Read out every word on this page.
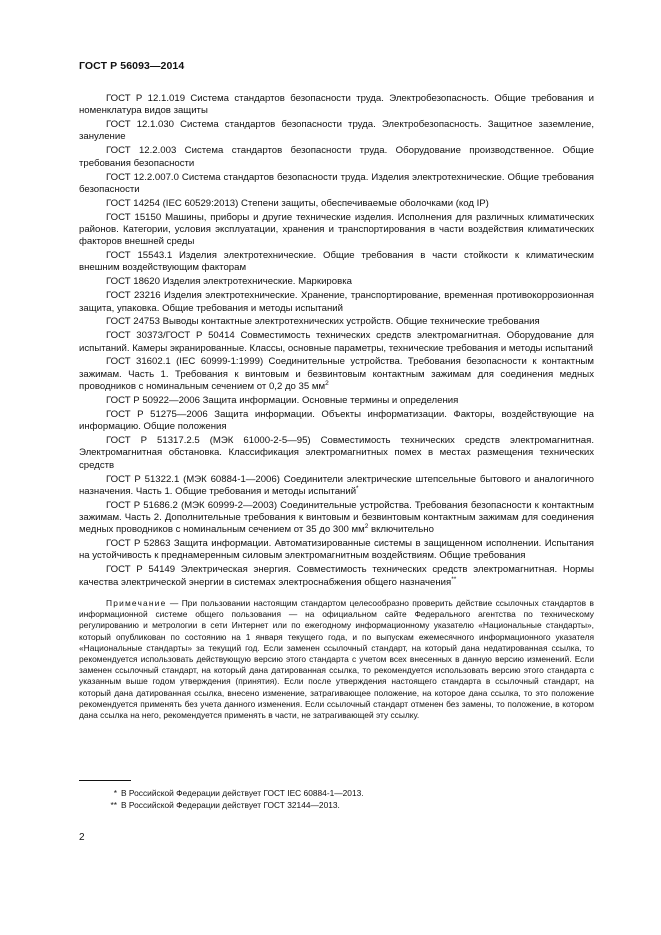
ГОСТ Р 56093—2014

ГОСТ Р 12.1.019 Система стандартов безопасности труда. Электробезопасность. Общие требования и номенклатура видов защиты

ГОСТ 12.1.030 Система стандартов безопасности труда. Электробезопасность. Защитное заземление, зануление

ГОСТ 12.2.003 Система стандартов безопасности труда. Оборудование производственное. Общие требования безопасности

ГОСТ 12.2.007.0 Система стандартов безопасности труда. Изделия электротехнические. Общие требования безопасности

ГОСТ 14254 (IEC 60529:2013) Степени защиты, обеспечиваемые оболочками (код IP)

ГОСТ 15150 Машины, приборы и другие технические изделия. Исполнения для различных климатических районов. Категории, условия эксплуатации, хранения и транспортирования в части воздействия климатических факторов внешней среды

ГОСТ 15543.1 Изделия электротехнические. Общие требования в части стойкости к климатическим внешним воздействующим факторам

ГОСТ 18620 Изделия электротехнические. Маркировка

ГОСТ 23216 Изделия электротехнические. Хранение, транспортирование, временная противокоррозионная защита, упаковка. Общие требования и методы испытаний

ГОСТ 24753 Выводы контактные электротехнических устройств. Общие технические требования

ГОСТ 30373/ГОСТ Р 50414 Совместимость технических средств электромагнитная. Оборудование для испытаний. Камеры экранированные. Классы, основные параметры, технические требования и методы испытаний

ГОСТ 31602.1 (IEC 60999-1:1999) Соединительные устройства. Требования безопасности к контактным зажимам. Часть 1. Требования к винтовым и безвинтовым контактным зажимам для соединения медных проводников с номинальным сечением от 0,2 до 35 $мм^2$

ГОСТ Р 50922—2006 Защита информации. Основные термины и определения

ГОСТ Р 51275—2006 Защита информации. Объекты информатизации. Факторы, воздействующие на информацию. Общие положения

ГОСТ Р 51317.2.5 (МЭК 61000-2-5—95) Совместимость технических средств электромагнитная. Электромагнитная обстановка. Классификация электромагнитных помех в местах размещения технических средств

ГОСТ Р 51322.1 (МЭК 60884-1—2006) Соединители электрические штепсельные бытового и аналогичного назначения. Часть 1. Общие требования и методы испытаний*

ГОСТ Р 51686.2 (МЭК 60999-2—2003) Соединительные устройства. Требования безопасности к контактным зажимам. Часть 2. Дополнительные требования к винтовым и безвинтовым контактным зажимам для соединения медных проводников с номинальным сечением от 35 до 300 $мм^2$ включительно

ГОСТ Р 52863 Защита информации. Автоматизированные системы в защищенном исполнении. Испытания на устойчивость к преднамеренным силовым электромагнитным воздействиям. Общие требования

ГОСТ Р 54149 Электрическая энергия. Совместимость технических средств электромагнитная. Нормы качества электрической энергии в системах электроснабжения общего назначения**

Примечание — При пользовании настоящим стандартом целесообразно проверить действие ссылочных стандартов в информационной системе общего пользования — на официальном сайте Федерального агентства по техническому регулированию и метрологии в сети Интернет или по ежегодному информационному указателю «Национальные стандарты», который опубликован по состоянию на 1 января текущего года, и по выпускам ежемесячного информационного указателя «Национальные стандарты» за текущий год. Если заменен ссылочный стандарт, на который дана недатированная ссылка, то рекомендуется использовать действующую версию этого стандарта с учетом всех внесенных в данную версию изменений. Если заменен ссылочный стандарт, на который дана датированная ссылка, то рекомендуется использовать версию этого стандарта с указанным выше годом утверждения (принятия). Если после утверждения настоящего стандарта в ссылочный стандарт, на который дана датированная ссылка, внесено изменение, затрагивающее положение, на которое дана ссылка, то это положение рекомендуется применять без учета данного изменения. Если ссылочный стандарт отменен без замены, то положение, в котором дана ссылка на него, рекомендуется применять в части, не затрагивающей эту ссылку.

* В Российской Федерации действует ГОСТ IEC 60884-1—2013.
** В Российской Федерации действует ГОСТ 32144—2013.
2
